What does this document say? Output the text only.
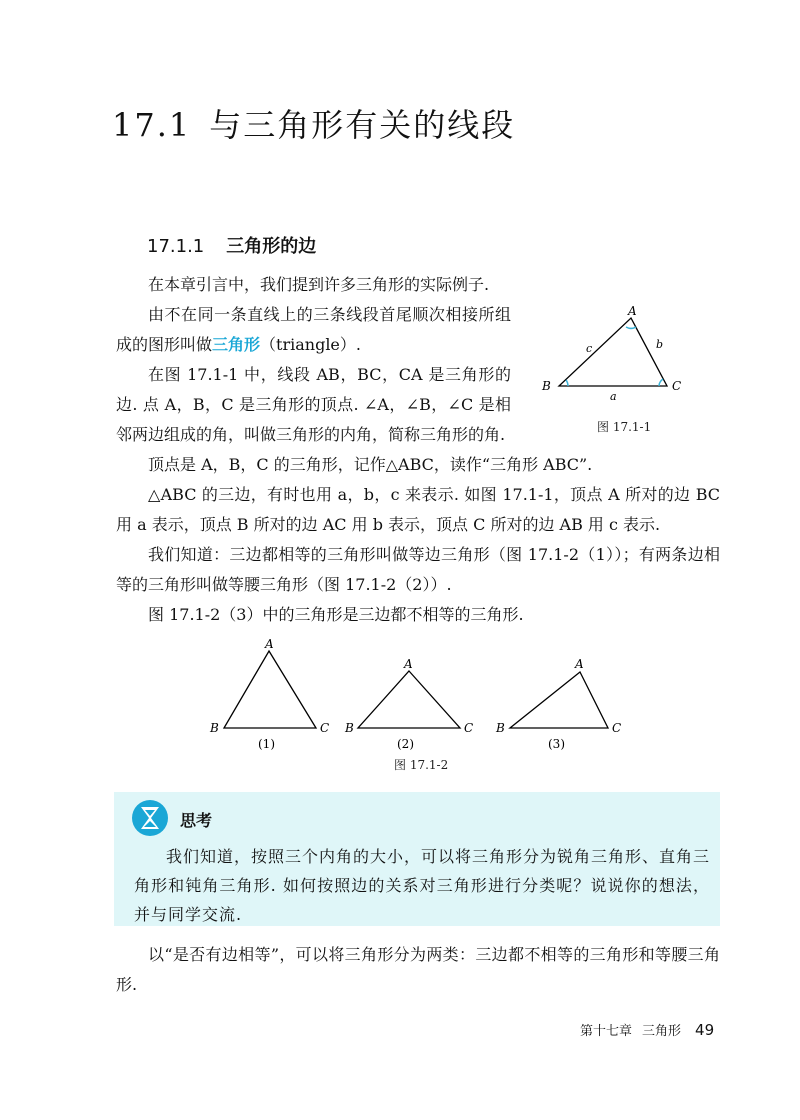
17.1 与三角形有关的线段
17.1.1 三角形的边

在本章引言中，我们提到许多三角形的实际例子.

由不在同一条直线上的三条线段首尾顺次相接所组成的图形叫做三角形（triangle）.

在图 17.1-1 中，线段 AB，BC，CA 是三角形的边. 点 A，B，C 是三角形的顶点. ∠A，∠B，∠C 是相邻两边组成的角，叫做三角形的内角，简称三角形的角.

A
B	C
a
b
c
图 17.1-1

顶点是 A，B，C 的三角形，记作△ABC，读作“三角形 ABC”.

△ABC 的三边，有时也用 a，b，c 来表示. 如图 17.1-1，顶点 A 所对的边 BC 用 a 表示，顶点 B 所对的边 AC 用 b 表示，顶点 C 所对的边 AB 用 c 表示.

我们知道：三边都相等的三角形叫做等边三角形（图 17.1-2（1））；有两条边相等的三角形叫做等腰三角形（图 17.1-2（2））.

图 17.1-2（3）中的三角形是三边都不相等的三角形.

A
B	C
(1)
A
B	C
(2)
A
B	C
(3)
图 17.1-2
思考

我们知道，按照三个内角的大小，可以将三角形分为锐角三角形、直角三角形和钝角三角形. 如何按照边的关系对三角形进行分类呢？说说你的想法，并与同学交流.

以“是否有边相等”，可以将三角形分为两类：三边都不相等的三角形和等腰三角形.

第十七章 三角形 49
